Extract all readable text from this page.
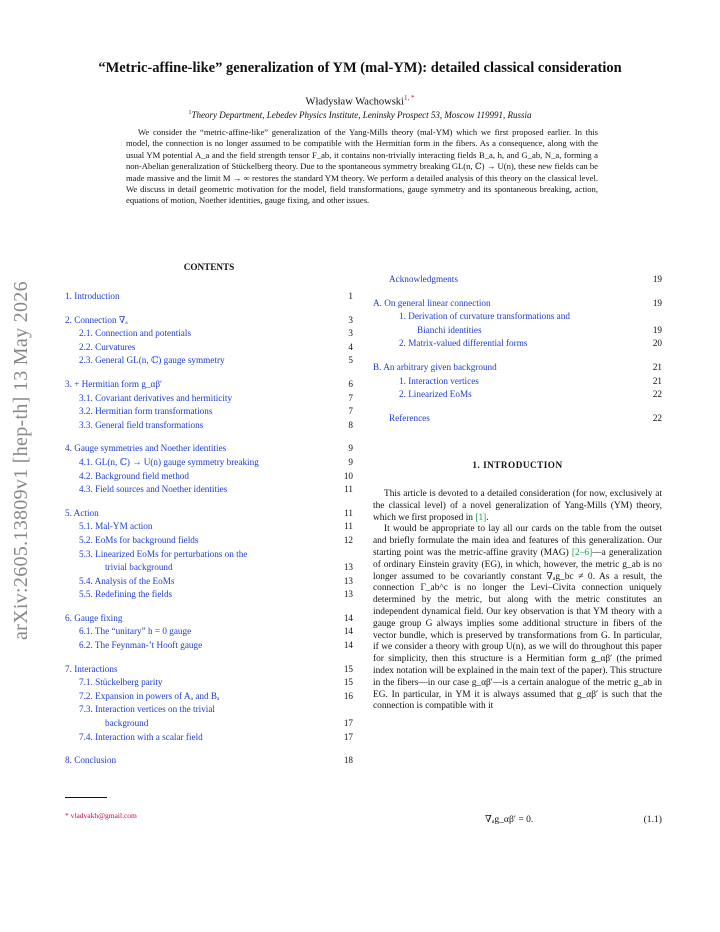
arXiv:2605.13809v1 [hep-th] 13 May 2026
“Metric-affine-like” generalization of YM (mal-YM): detailed classical consideration
Władysław Wachowski$^{1, *}$
$^1$Theory Department, Lebedev Physics Institute, Leninsky Prospect 53, Moscow 119991, Russia
We consider the “metric-affine-like” generalization of the Yang-Mills theory (mal-YM) which we first proposed earlier. In this model, the connection is no longer assumed to be compatible with the Hermitian form in the fibers. As a consequence, along with the usual YM potential A_a and the field strength tensor F_ab, it contains non-trivially interacting fields B_a, h, and G_ab, N_a, forming a non-Abelian generalization of Stückelberg theory. Due to the spontaneous symmetry breaking GL(n, ℂ) → U(n), these new fields can be made massive and the limit M → ∞ restores the standard YM theory. We perform a detailed analysis of this theory on the classical level. We discuss in detail geometric motivation for the model, field transformations, gauge symmetry and its spontaneous breaking, action, equations of motion, Noether identities, gauge fixing, and other issues.
CONTENTS
1. Introduction	1
2. Connection ∇ₐ	3
2.1. Connection and potentials	3
2.2. Curvatures	4
2.3. General GL(n, ℂ) gauge symmetry	5
3. + Hermitian form g_αβ′	6
3.1. Covariant derivatives and hermiticity	7
3.2. Hermitian form transformations	7
3.3. General field transformations	8
4. Gauge symmetries and Noether identities	9
4.1. GL(n, ℂ) → U(n) gauge symmetry breaking	9
4.2. Background field method	10
4.3. Field sources and Noether identities	11
5. Action	11
5.1. Mal-YM action	11
5.2. EoMs for background fields	12
5.3. Linearized EoMs for perturbations on the
trivial background	13
5.4. Analysis of the EoMs	13
5.5. Redefining the fields	13
6. Gauge fixing	14
6.1. The “unitary” h = 0 gauge	14
6.2. The Feynman-’t Hooft gauge	14
7. Interactions	15
7.1. Stückelberg parity	15
7.2. Expansion in powers of Aₐ and Bₐ	16
7.3. Interaction vertices on the trivial
background	17
7.4. Interaction with a scalar field	17
8. Conclusion	18
Acknowledgments	19
A. On general linear connection	19
1. Derivation of curvature transformations and
Bianchi identities	19
2. Matrix-valued differential forms	20
B. An arbitrary given background	21
1. Interaction vertices	21
2. Linearized EoMs	22
References	22
1. INTRODUCTION

This article is devoted to a detailed consideration (for now, exclusively at the classical level) of a novel generalization of Yang-Mills (YM) theory, which we first proposed in [1].

It would be appropriate to lay all our cards on the table from the outset and briefly formulate the main idea and features of this generalization. Our starting point was the metric-affine gravity (MAG) [2–6]—a generalization of ordinary Einstein gravity (EG), in which, however, the metric g_ab is no longer assumed to be covariantly constant ∇ₐg_bc ≠ 0. As a result, the connection Γ_ab^c is no longer the Levi–Civita connection uniquely determined by the metric, but along with the metric constitutes an independent dynamical field. Our key observation is that YM theory with a gauge group G always implies some additional structure in fibers of the vector bundle, which is preserved by transformations from G. In particular, if we consider a theory with group U(n), as we will do throughout this paper for simplicity, then this structure is a Hermitian form g_αβ′ (the primed index notation will be explained in the main text of the paper). This structure in the fibers—in our case g_αβ′—is a certain analogue of the metric g_ab in EG. In particular, in YM it is always assumed that g_αβ′ is such that the connection is compatible with it

∇ₐg_αβ′ = 0.	(1.1)
* vladvakh@gmail.com
